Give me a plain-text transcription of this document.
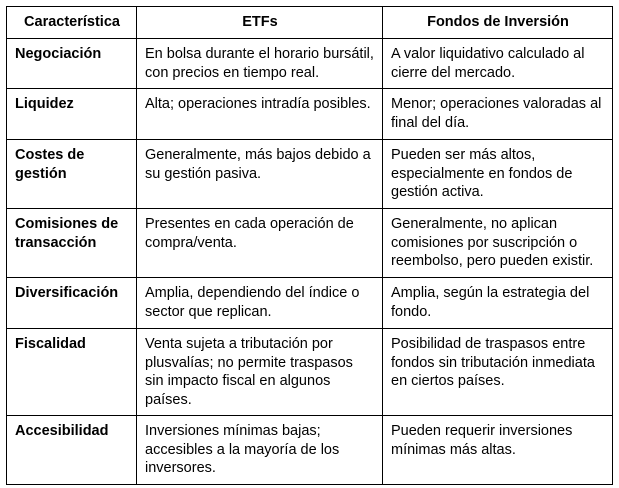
Característica	ETFs	Fondos de Inversión
Negociación	En bolsa durante el horario bursátil, con precios en tiempo real.	A valor liquidativo calculado al cierre del mercado.
Liquidez	Alta; operaciones intradía posibles.	Menor; operaciones valoradas al final del día.
Costes de gestión	Generalmente, más bajos debido a su gestión pasiva.	Pueden ser más altos, especialmente en fondos de gestión activa.
Comisiones de transacción	Presentes en cada operación de compra/venta.	Generalmente, no aplican comisiones por suscripción o reembolso, pero pueden existir.
Diversificación	Amplia, dependiendo del índice o sector que replican.	Amplia, según la estrategia del fondo.
Fiscalidad	Venta sujeta a tributación por plusvalías; no permite traspasos sin impacto fiscal en algunos países.	Posibilidad de traspasos entre fondos sin tributación inmediata en ciertos países.
Accesibilidad	Inversiones mínimas bajas; accesibles a la mayoría de los inversores.	Pueden requerir inversiones mínimas más altas.
